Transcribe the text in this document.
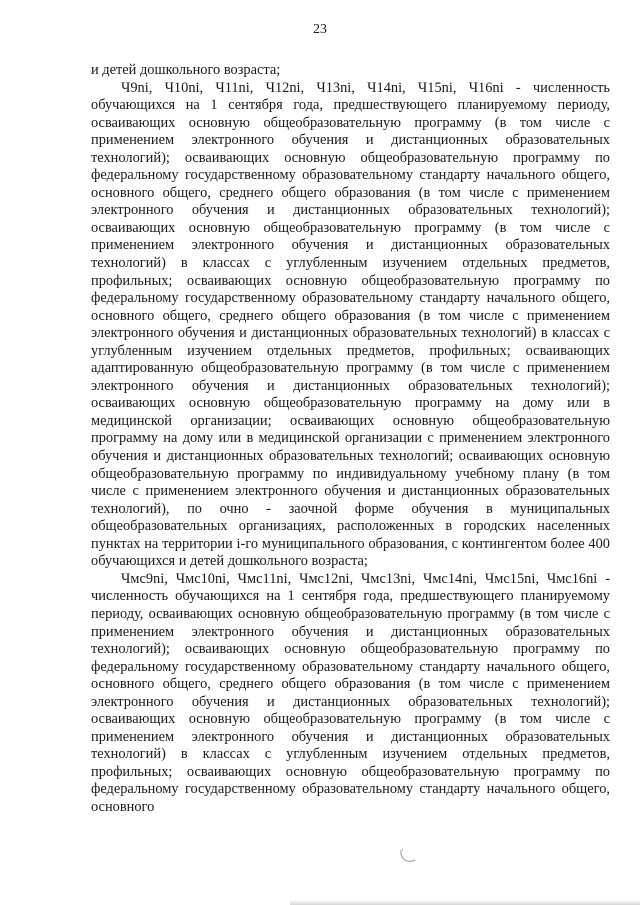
23

и детей дошкольного возраста;

Ч9ni, Ч10ni, Ч11ni, Ч12ni, Ч13ni, Ч14ni, Ч15ni, Ч16ni - численность обучающихся на 1 сентября года, предшествующего планируемому периоду, осваивающих основную общеобразовательную программу (в том числе с применением электронного обучения и дистанционных образовательных технологий); осваивающих основную общеобразовательную программу по федеральному государственному образовательному стандарту начального общего, основного общего, среднего общего образования (в том числе с применением электронного обучения и дистанционных образовательных технологий); осваивающих основную общеобразовательную программу (в том числе с применением электронного обучения и дистанционных образовательных технологий) в классах с углубленным изучением отдельных предметов, профильных; осваивающих основную общеобразовательную программу по федеральному государственному образовательному стандарту начального общего, основного общего, среднего общего образования (в том числе с применением электронного обучения и дистанционных образовательных технологий) в классах с углубленным изучением отдельных предметов, профильных; осваивающих адаптированную общеобразовательную программу (в том числе с применением электронного обучения и дистанционных образовательных технологий); осваивающих основную общеобразовательную программу на дому или в медицинской организации; осваивающих основную общеобразовательную программу на дому или в медицинской организации с применением электронного обучения и дистанционных образовательных технологий; осваивающих основную общеобразовательную программу по индивидуальному учебному плану (в том числе с применением электронного обучения и дистанционных образовательных технологий), по очно - заочной форме обучения в муниципальных общеобразовательных организациях, расположенных в городских населенных пунктах на территории i-го муниципального образования, с контингентом более 400 обучающихся и детей дошкольного возраста;

Чмс9ni, Чмс10ni, Чмс11ni, Чмс12ni, Чмс13ni, Чмс14ni, Чмс15ni, Чмс16ni - численность обучающихся на 1 сентября года, предшествующего планируемому периоду, осваивающих основную общеобразовательную программу (в том числе с применением электронного обучения и дистанционных образовательных технологий); осваивающих основную общеобразовательную программу по федеральному государственному образовательному стандарту начального общего, основного общего, среднего общего образования (в том числе с применением электронного обучения и дистанционных образовательных технологий); осваивающих основную общеобразовательную программу (в том числе с применением электронного обучения и дистанционных образовательных технологий) в классах с углубленным изучением отдельных предметов, профильных; осваивающих основную общеобразовательную программу по федеральному государственному образовательному стандарту начального общего, основного
